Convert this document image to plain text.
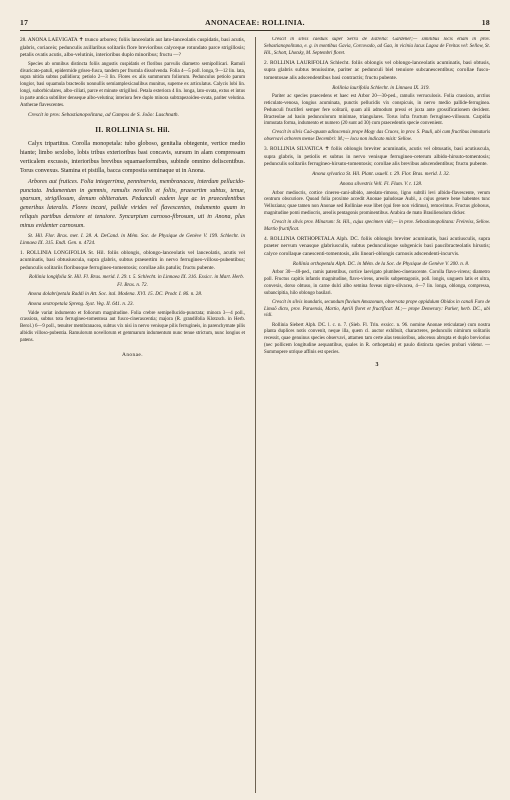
17	ANONACEAE: ROLLINIA.	18

28. ANONA LAEVIGATA ✝ trunco arboreo; foliis lanceolatis aut lato-lanceolatis cuspidatis, basi acutis, glabris, coriaceis; pedunculis axillaribus solitariis flore brevioribus calyceque rotundato parce strigillosis; petalis ovatis acutis, albo-velutinis, interioribus duplo minoribus; fructu —?

Species ab omnibus distincta foliis angustis cuspidatis et floribus parvulis diametro semipollicari. Ramuli divaricato-patuli, epidermide griseo-fusca, tandem per frustula dissolvenda. Folia 4—5 poll. longa, 9—12 lin. lata, supra nitida subtus pallidiora; petiolo 2—3 lin. Flores ex alis summorum foliorum. Pedunculus petiolo parum longior, basi squamula bracteolis nonnullis semiamplexicaulibus munitus, superne ex articulatus. Calycis lobi lin. longi, suborbiculares, albo-ciliati, parce et minute strigillosi. Petala exteriora 4 lin. longa, lato-ovata, extus et intus in parte antica subtiliter denseque albo-velutina; interiora fere duplo minora subtrapezoideo-ovata, pariter velutina. Antherae flavescentes.

Crescit in prov. Sebastianopolitana, ad Campos de S. João: Luschnath.

II. ROLLINIA St. Hil.

Calyx tripartitus. Corolla monopetala: tubo globoso, genitalia obtegente, vertice medio hiante; limbo sexlobo, lobis tribus exterioribus basi concavis, sursum in alam compressam verticalem excussis, interioribus brevibus squamaeformibus, subinde omnino deliscentibus. Torus convexus. Stamina et pistilla, bacca composita seminaque ut in Anona.

Arbores aut frutices. Folia integerrima, penninervia, membranacea, interdum pellucido-punctata. Indumentum in gemmis, ramulis novellis et foliis, praesertim subtus, tenue, sparsum, strigillosum, demum obliteratum. Pedunculi eadem lege ac in praecedentibus generibus lateralis. Flores incani, pallide virides vel flavescentes, indumento quam in reliquis partibus densiore et tenuiore. Syncarpium carnoso-fibrosum, uti in Anona, plus minus evidenter carnosum.

St. Hil. Flor. Bras. mer. I. 28. A. DeCand. in Mém. Soc. de Physique de Genève V. 199. Schlecht. in Linnaea IX. 315. Endl. Gen. n. 4724.

1. ROLLINIA LONGIFOLIA St. Hil. foliis oblongis, oblongo-lanceolatis vel lanceolatis, acutis vel acuminatis, basi obtusiuscula, supra glabris, subtus praesertim in nervo ferrugineo-villoso-pubentibus; pedunculis solitariis floribusque ferrugineo-tomentosis; corollae alis patulis; fructu pubente.

Rollinia longifolia St. Hil. Fl. Bras. merid. I. 29. t. 5. Schlecht. in Linnaea IX. 316. Exsicc. in Mart. Herb. Fl. Bras. n. 72.

Anona dolabripetala Raddi in Att. Soc. ital. Modena. XVI. 15. DC. Prodr. I. 86. n. 28.

Anona sextropetala Spreng. Syst. Veg. II. 641. n. 23.

Valde variat indumento et foliorum magnitudine. Folia crebre semipellucido-punctata; minora 3—4 poll., crassiora, subtus tota ferrugineo-tomentosa aut fusco-cinerascentia; majora (R. grandifolia Klotzsch. in Herb. Berol.) 6—9 poll., tenuiter membranacea, subtus vix nisi in nervo venisque pilis ferrugineis, in parenchymate pilis albidis villoso-pubentia. Ramulorum novellorum et gemmarum indumentum nunc tenue strictum, nunc longius et patens.

Anonae.

Crescit in silvis caeduis super Serra de Estrella: Gardener;— similibus locis etiam in prov. Sebastianopolitana, e. g. in montibus Gavia, Corcovado, ad Gaa, in vicinia lacus Lagoa de Freitas vel: Sellow, St. Hil., Schott, Lhotsky, M. Septembri floret.

2. ROLLINIA LAURIFOLIA Schlecht. foliis oblongis vel oblongo-lanceolatis acuminatis, basi obtusis, supra glabris subtus tenuissime, pariter ac pedunculi biel tenuiore subcanescentibus; corollae fusco-tomentosae alis adscendentibus basi contractis; fructu pubente.

Rollinia laurifolia Schlecht. in Linnaea IX. 319.

Pariter ac species praecedens et haec est Arbor 20—30-ped., ramulis verruculosis. Folia crassiora, arctius reticulato-venosa, longius acuminata, punctis pellucidis vix conspicuis, in nervo medio pallide-ferruginea. Pedunculi fructiferi semper fere solitarii, quam alii admodum pressi et juxta ante grossificationem decident. Bracteolae ad basin pedunculorum minimae, triangulares. Torus infra fructum ferrugineo-villosum. Carpidia immutata forma, indumento et numero (20 sunt ad 30) cum praecedentis specie convenient.

Crescit in silvis Caá-apuam adinscensis prope Mogy das Cruces, in prov. S. Pauli, ubi cum fructibus immaturis observavi arborem mense Decembri: M.;— locu non indicato misit: Sellow.

3. ROLLINIA SILVATICA ✝ foliis oblongis breviter acuminatis, acutis vel obtusatis, basi acutiuscula, supra glabris, in petiolis et subtus in nervo venisque ferrugineo-ceterum albido-hirsuto-tomentosis; pedunculis solitariis ferrugineo-hirsuto-tomentosis; corollae alis brevibus adscendentibus; fructu pubente.

Anona sylvatica St. Hil. Plant. usuell. t. 29. Flor. Bras. merid. I. 32.

Anona silvestris Vell. Fl. Flum. V. t. 128.

Arbor mediocris, cortice cinereo-cani-albido, areolato-rimoso, ligno subtili levi albido-flavescente, verum centrum obscuriore. Quoad folia proxime accedit Anonae paludosae Aubl., a cujus genere bene habentes tunc Velloziana; quae tamen non Anonae sed Rolliniae esse libet (qui fere non vidimus), removimus. Fructus globosus, magnitudine pomi mediocris, areolis pentagonis prominentibus. Arabica de mato Brasilienolum dicker.

Crescit in silvis prov. Minarum: St. Hil., cujus specimen vidi;— in prov. Sebastianopolitana: Freireiss, Sellow. Martio fructificat.

4. ROLLINIA ORTHOPETALA Alph. DC. foliis oblongis breviter acuminatis, basi acutiusculis, supra praeter nervum venasque glabriusculis, subtus pedunculisque subgenicis basi paucibracteolatis hirsutis; calyce corollaque canescenti-tomentosis, alis lineari-oblongis carnosis adscendenti-incurvis.

Rollinia orthopetala Alph. DC. in Mém. de la Soc. de Physique de Genève V. 200. n. 8.

Arbor 30—40-ped., ramis patentibus, cortice laevigato plumbeo-cinerascente. Corolla flavo-virens; diametro poll. Fructus capitis infantis magnitudine, flavo-virens, areolis subpentagonis, poll. longis, unguem latis et ultra, convexis, dorso obtuso, in carne dulci albo semina foveas nigro-olivacea, 4—7 lin. longa, oblonga, compressa, subancipitia, hilo oblongo basilari.

Crescit in silvis inundatis, secundum fluvium Amazonum, observata prope oppidulum Obidos in canali Furo de Limaõ dicto, prov. Paraensis, Martio, Aprili floret et fructificat: M.;— prope Demerary: Parker, herb. DC., ubi vidi.

Rollinia Siebert Alph. DC. l. c. n. 7. (Sieb. Fl. Trin. exsicc. n. 96. nomine Anonae reticulatae) cum nostra planta duplices notis convenit, neque illa, quem cl. auctor exhibuit, characteres, pedunculis nimirum solitariis recessit, quae genuinus species observavi, attamen tam certe alas tenuioribus, adscensu abrupta et duplo breviorius (nec pollicem longitudine aequantibus, quales in R. orthopetala) et paulo distincta species probari videtur. — Summopere utrique affinis est species.

3
